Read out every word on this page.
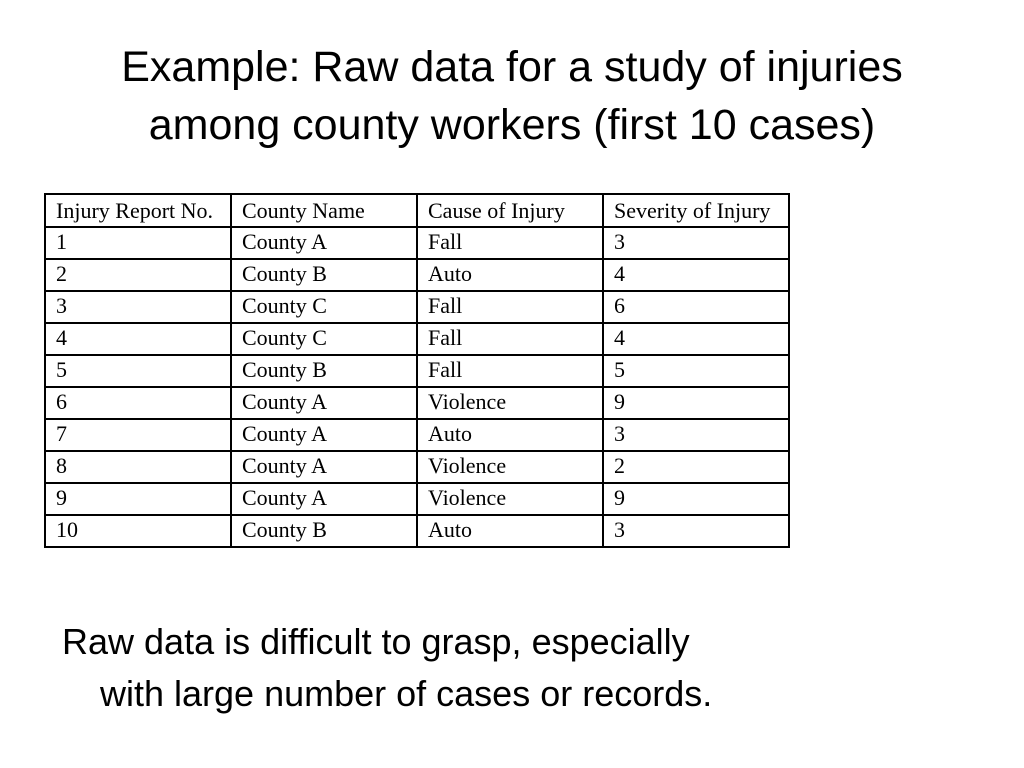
Example: Raw data for a study of injuries
among county workers (first 10 cases)
Injury Report No.	County Name	Cause of Injury	Severity of Injury
1	County A	Fall	3
2	County B	Auto	4
3	County C	Fall	6
4	County C	Fall	4
5	County B	Fall	5
6	County A	Violence	9
7	County A	Auto	3
8	County A	Violence	2
9	County A	Violence	9
10	County B	Auto	3

Raw data is difficult to grasp, especially
with large number of cases or records.
